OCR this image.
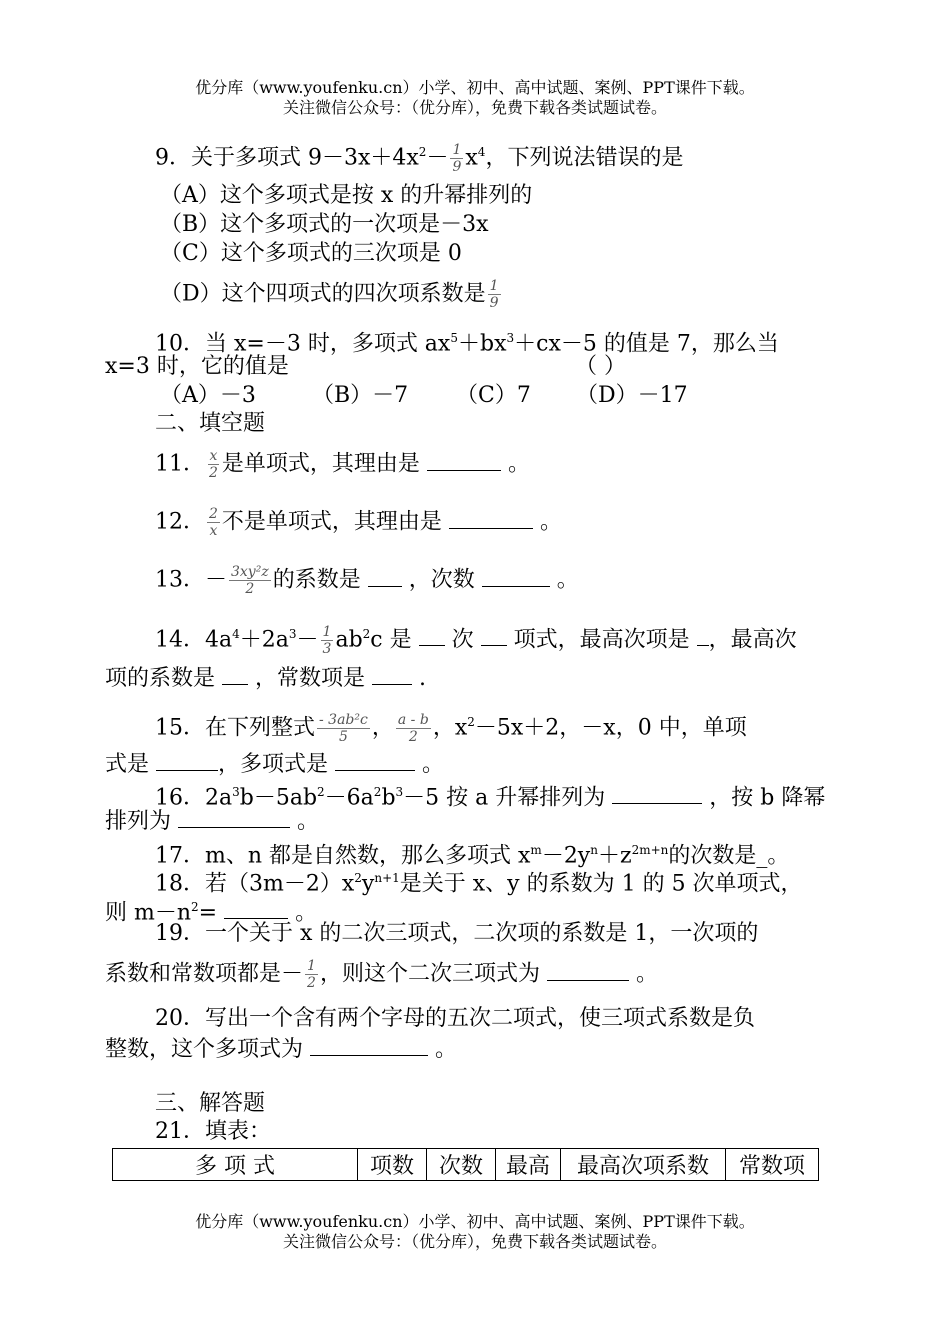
优分库（www.youfenku.cn）小学、初中、高中试题、案例、PPT课件下载。
关注微信公众号：（优分库），免费下载各类试题试卷。
9．关于多项式 $9-3x+4x^2- \frac{1}{9} x^4$，下列说法错误的是
（A）这个多项式是按 x 的升幂排列的
（B）这个多项式的一次项是－3x
（C）这个多项式的三次项是 0
（D）这个四项式的四次项系数是 $\frac{1}{9}$
10．当 x=－3 时，多项式 $ax^5+bx^3+cx-5$ 的值是 7，那么当
x=3 时，它的值是	（ ）
（A）－3	（B）－7 （C）7 （D）－17
二、填空题
11． $\frac{x}{2}$ 是单项式，其理由是	。
12． $\frac{2}{x}$ 不是单项式，其理由是	。
13．－ $\frac{\text{3xy²z}}{2}$ 的系数是 ，次数	。
14．$4a^4+2a^3- \frac{1}{3} ab^2c$ 是 次 项式，最高次项是 ，最高次
项的系数是 ，常数项是 .
15．在下列整式 $\frac{\text{- 3ab²c}}{5}$ ， $\frac{a - b}{2}$ ，$x^2-5x+2$，－x，0 中，单项
式是	，多项式是	。
16．$2a^3b-5ab^2-6a^2b^3-5$ 按 a 升幂排列为	，按 b 降幂
排列为	。
17．m、n 都是自然数，那么多项式 $x^m-2y^n+z^{2m+n}$的次数是_。
18．若$(3m-2)x^2y^{n+1}$是关于 x、y 的系数为 1 的 5 次单项式，
则 $m-n^2=$	。
19．一个关于 x 的二次三项式，二次项的系数是 1，一次项的
系数和常数项都是－ $\frac{1}{2}$ ，则这个二次三项式为	。
20．写出一个含有两个字母的五次二项式，使三项式系数是负
整数，这个多项式为	。
三、解答题
21．填表：
多 项 式	项数	次数	最高	最高次项系数	常数项
优分库（www.youfenku.cn）小学、初中、高中试题、案例、PPT课件下载。
关注微信公众号：（优分库），免费下载各类试题试卷。
